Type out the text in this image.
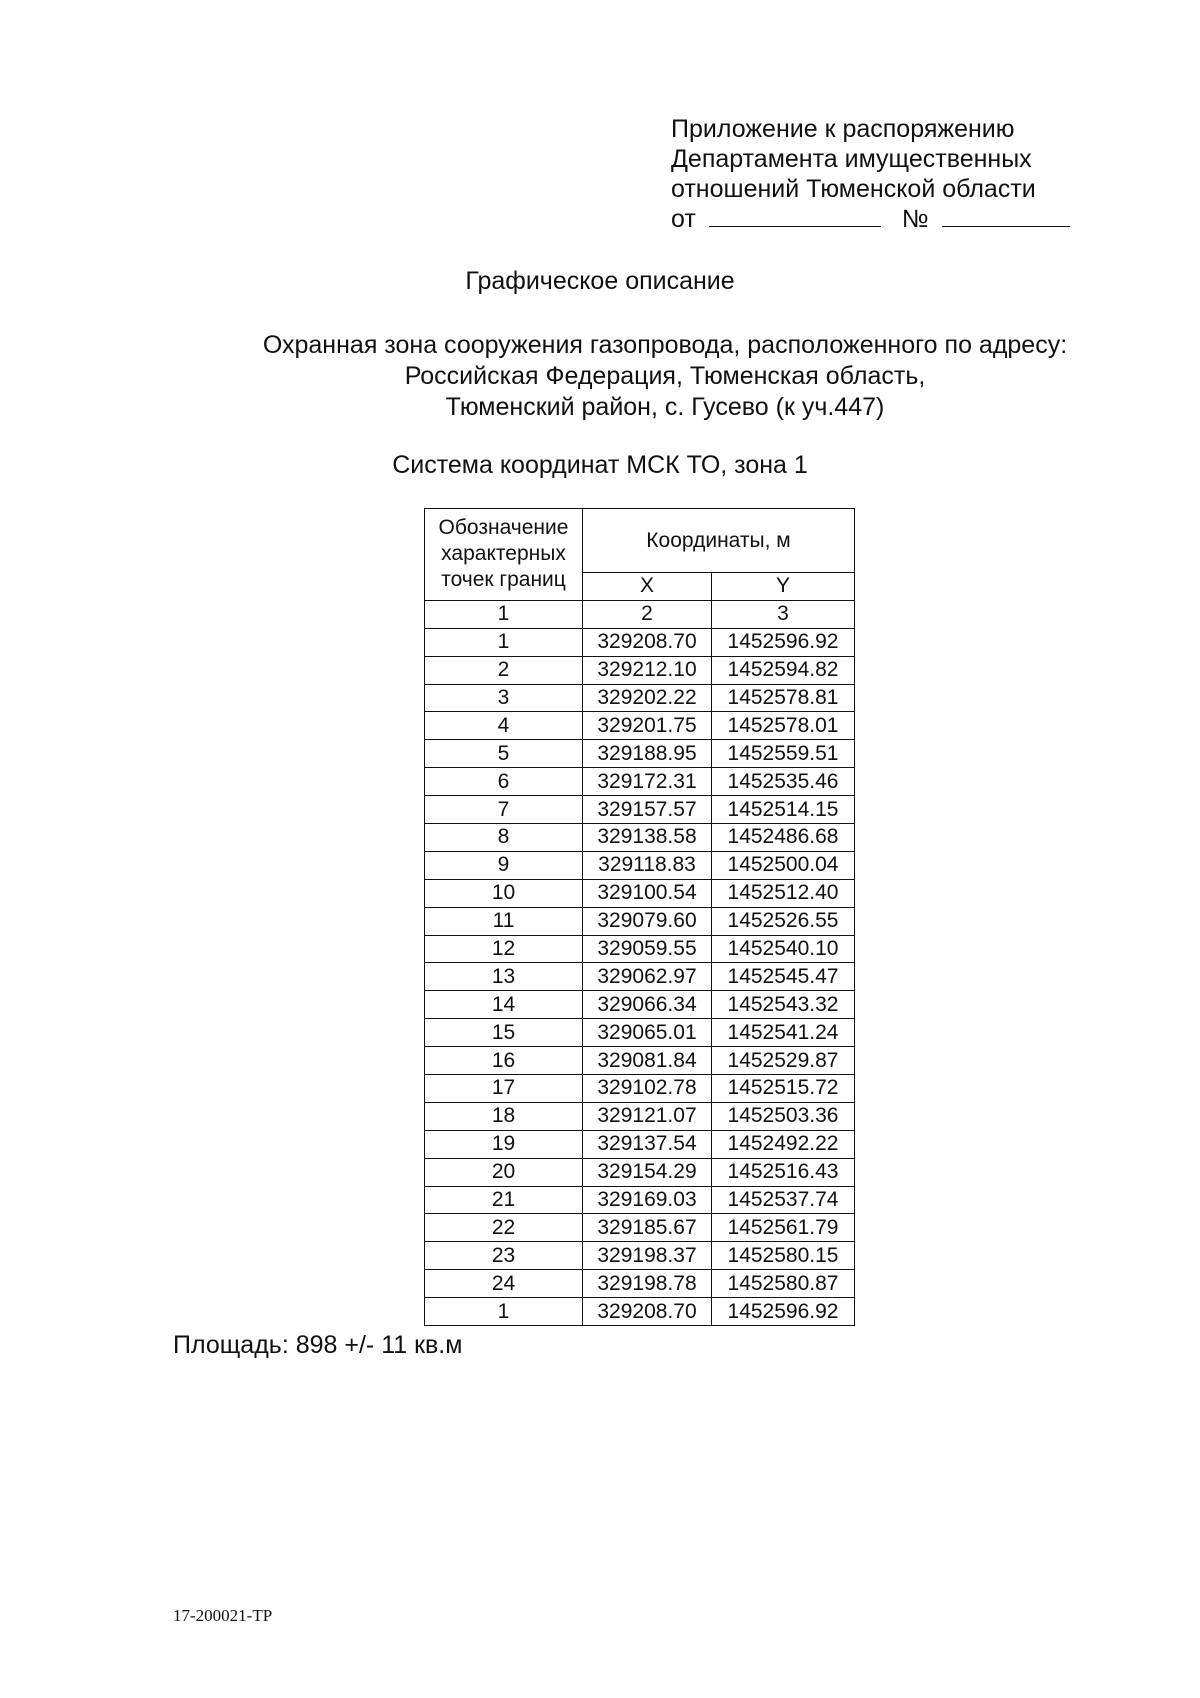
Приложение к распоряжению
Департамента имущественных
отношений Тюменской области
от	№
Графическое описание
Охранная зона сооружения газопровода, расположенного по адресу:
Российская Федерация, Тюменская область,
Тюменский район, с. Гусево (к уч.447)
Система координат МСК ТО, зона 1
Обозначение характерных точек границ	Координаты, м	
	X	Y
1	2	3
1	329208.70	1452596.92
2	329212.10	1452594.82
3	329202.22	1452578.81
4	329201.75	1452578.01
5	329188.95	1452559.51
6	329172.31	1452535.46
7	329157.57	1452514.15
8	329138.58	1452486.68
9	329118.83	1452500.04
10	329100.54	1452512.40
11	329079.60	1452526.55
12	329059.55	1452540.10
13	329062.97	1452545.47
14	329066.34	1452543.32
15	329065.01	1452541.24
16	329081.84	1452529.87
17	329102.78	1452515.72
18	329121.07	1452503.36
19	329137.54	1452492.22
20	329154.29	1452516.43
21	329169.03	1452537.74
22	329185.67	1452561.79
23	329198.37	1452580.15
24	329198.78	1452580.87
1	329208.70	1452596.92
Площадь: 898 +/- 11 кв.м
17-200021-TP
